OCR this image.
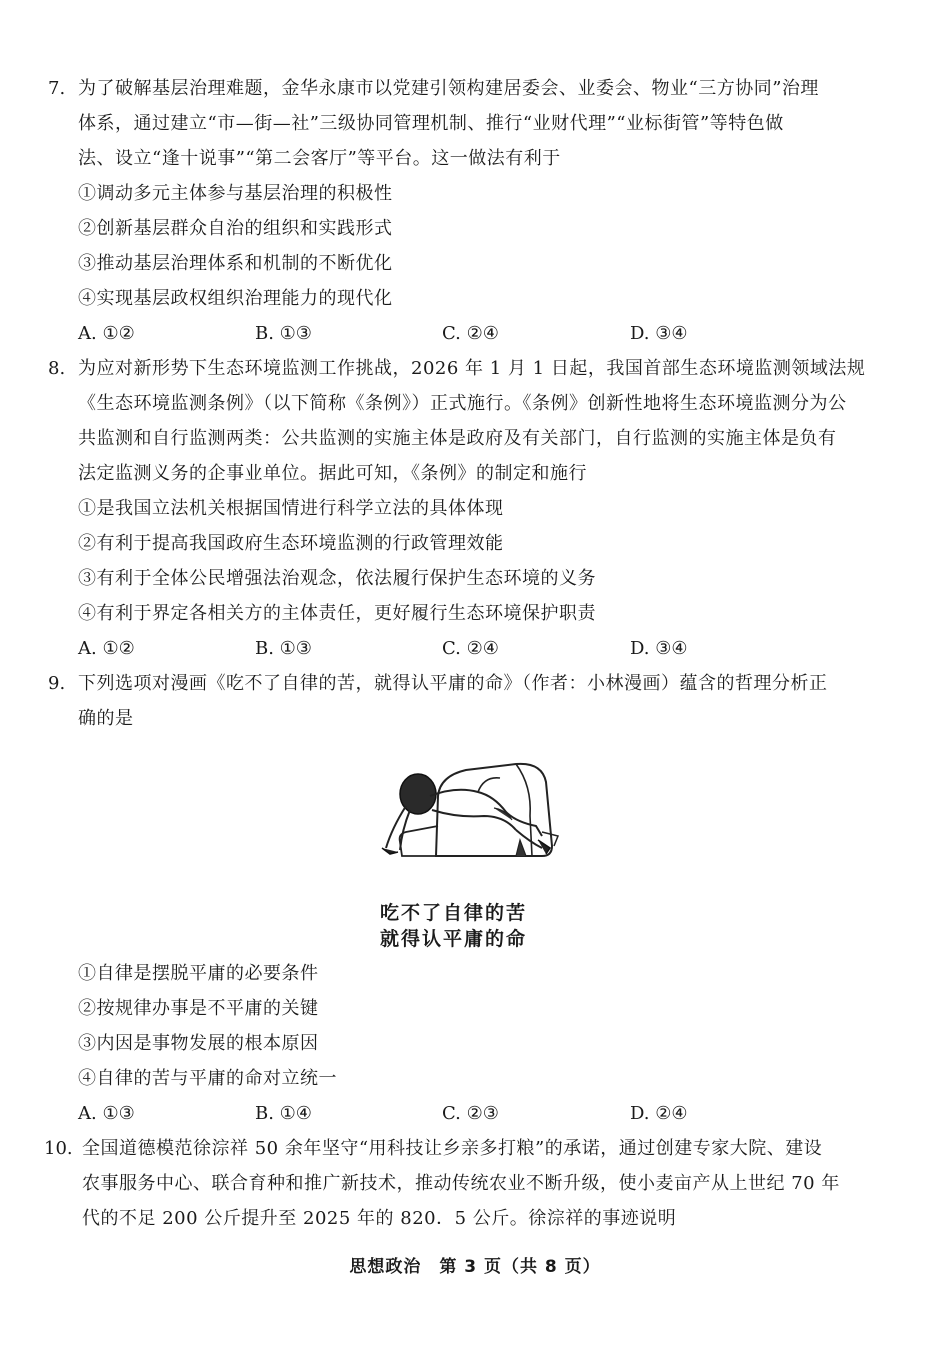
7. 为了破解基层治理难题，金华永康市以党建引领构建居委会、业委会、物业“三方协同”治理
体系，通过建立“市—街—社”三级协同管理机制、推行“业财代理”“业标街管”等特色做
法、设立“逢十说事”“第二会客厅”等平台。这一做法有利于
①调动多元主体参与基层治理的积极性
②创新基层群众自治的组织和实践形式
③推动基层治理体系和机制的不断优化
④实现基层政权组织治理能力的现代化
A. ①②	B. ①③	C. ②④	D. ③④
8. 为应对新形势下生态环境监测工作挑战，2026 年 1 月 1 日起，我国首部生态环境监测领域法规
《生态环境监测条例》（以下简称《条例》）正式施行。《条例》创新性地将生态环境监测分为公
共监测和自行监测两类：公共监测的实施主体是政府及有关部门，自行监测的实施主体是负有
法定监测义务的企事业单位。据此可知，《条例》的制定和施行
①是我国立法机关根据国情进行科学立法的具体体现
②有利于提高我国政府生态环境监测的行政管理效能
③有利于全体公民增强法治观念，依法履行保护生态环境的义务
④有利于界定各相关方的主体责任，更好履行生态环境保护职责
A. ①②	B. ①③	C. ②④	D. ③④
9. 下列选项对漫画《吃不了自律的苦，就得认平庸的命》（作者：小林漫画）蕴含的哲理分析正
确的是
吃不了自律的苦
就得认平庸的命
①自律是摆脱平庸的必要条件
②按规律办事是不平庸的关键
③内因是事物发展的根本原因
④自律的苦与平庸的命对立统一
A. ①③	B. ①④	C. ②③	D. ②④
10. 全国道德模范徐淙祥 50 余年坚守“用科技让乡亲多打粮”的承诺，通过创建专家大院、建设
农事服务中心、联合育种和推广新技术，推动传统农业不断升级，使小麦亩产从上世纪 70 年
代的不足 200 公斤提升至 2025 年的 820．5 公斤。徐淙祥的事迹说明
思想政治　第 3 页（共 8 页）
